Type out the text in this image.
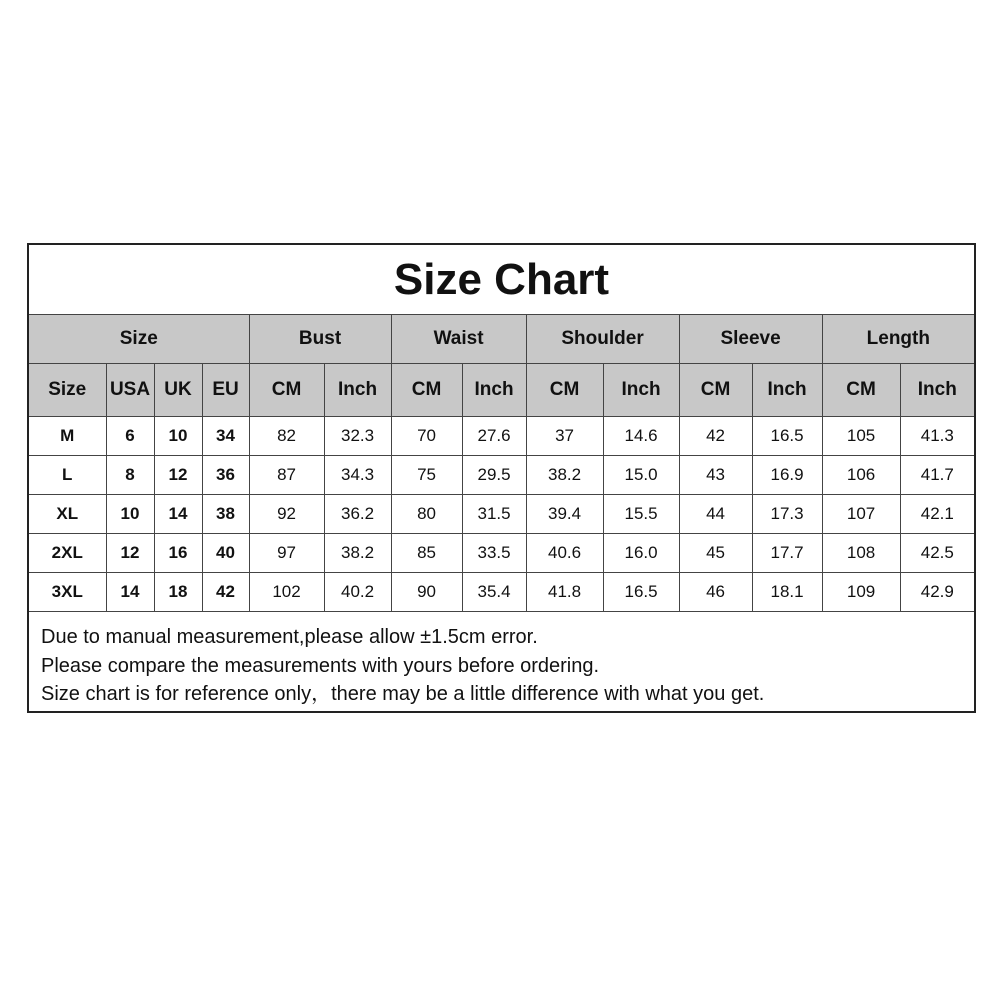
Size Chart
Size				Bust		Waist		Shoulder		Sleeve		Length	
Size	USA	UK	EU	CM	Inch	CM	Inch	CM	Inch	CM	Inch	CM	Inch
M	6	10	34	82	32.3	70	27.6	37	14.6	42	16.5	105	41.3
L	8	12	36	87	34.3	75	29.5	38.2	15.0	43	16.9	106	41.7
XL	10	14	38	92	36.2	80	31.5	39.4	15.5	44	17.3	107	42.1
2XL	12	16	40	97	38.2	85	33.5	40.6	16.0	45	17.7	108	42.5
3XL	14	18	42	102	40.2	90	35.4	41.8	16.5	46	18.1	109	42.9
Due to manual measurement,please allow ±1.5cm error.
Please compare the measurements with yours before ordering.
Size chart is for reference only，there may be a little difference with what you get.
